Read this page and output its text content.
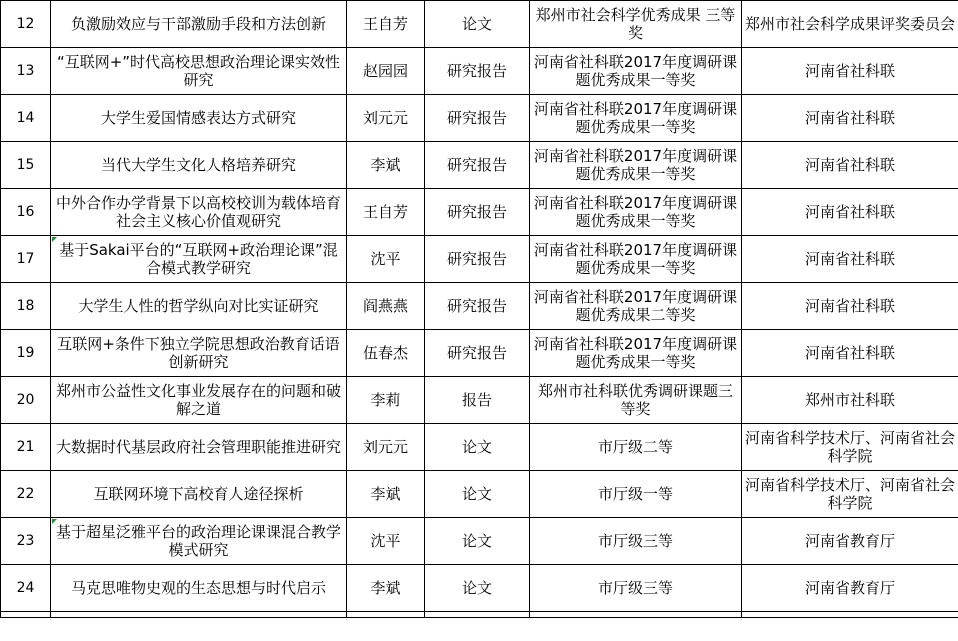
12	负激励效应与干部激励手段和方法创新	王自芳	论文	郑州市社会科学优秀成果 三等奖	郑州市社会科学成果评奖委员会
13	“互联网+”时代高校思想政治理论课实效性研究	赵园园	研究报告	河南省社科联2017年度调研课题优秀成果一等奖	河南省社科联
14	大学生爱国情感表达方式研究	刘元元	研究报告	河南省社科联2017年度调研课题优秀成果一等奖	河南省社科联
15	当代大学生文化人格培养研究	李斌	研究报告	河南省社科联2017年度调研课题优秀成果一等奖	河南省社科联
16	中外合作办学背景下以高校校训为载体培育社会主义核心价值观研究	王自芳	研究报告	河南省社科联2017年度调研课题优秀成果一等奖	河南省社科联
17	基于Sakai平台的“互联网+政治理论课”混合模式教学研究	沈平	研究报告	河南省社科联2017年度调研课题优秀成果一等奖	河南省社科联
18	大学生人性的哲学纵向对比实证研究	阎燕燕	研究报告	河南省社科联2017年度调研课题优秀成果二等奖	河南省社科联
19	互联网+条件下独立学院思想政治教育话语创新研究	伍春杰	研究报告	河南省社科联2017年度调研课题优秀成果一等奖	河南省社科联
20	郑州市公益性文化事业发展存在的问题和破解之道	李莉	报告	郑州市社科联优秀调研课题三等奖	郑州市社科联
21	大数据时代基层政府社会管理职能推进研究	刘元元	论文	市厅级二等	河南省科学技术厅、河南省社会科学院
22	互联网环境下高校育人途径探析	李斌	论文	市厅级一等	河南省科学技术厅、河南省社会科学院
23	基于超星泛雅平台的政治理论课课混合教学模式研究	沈平	论文	市厅级三等	河南省教育厅
24	马克思唯物史观的生态思想与时代启示	李斌	论文	市厅级三等	河南省教育厅
